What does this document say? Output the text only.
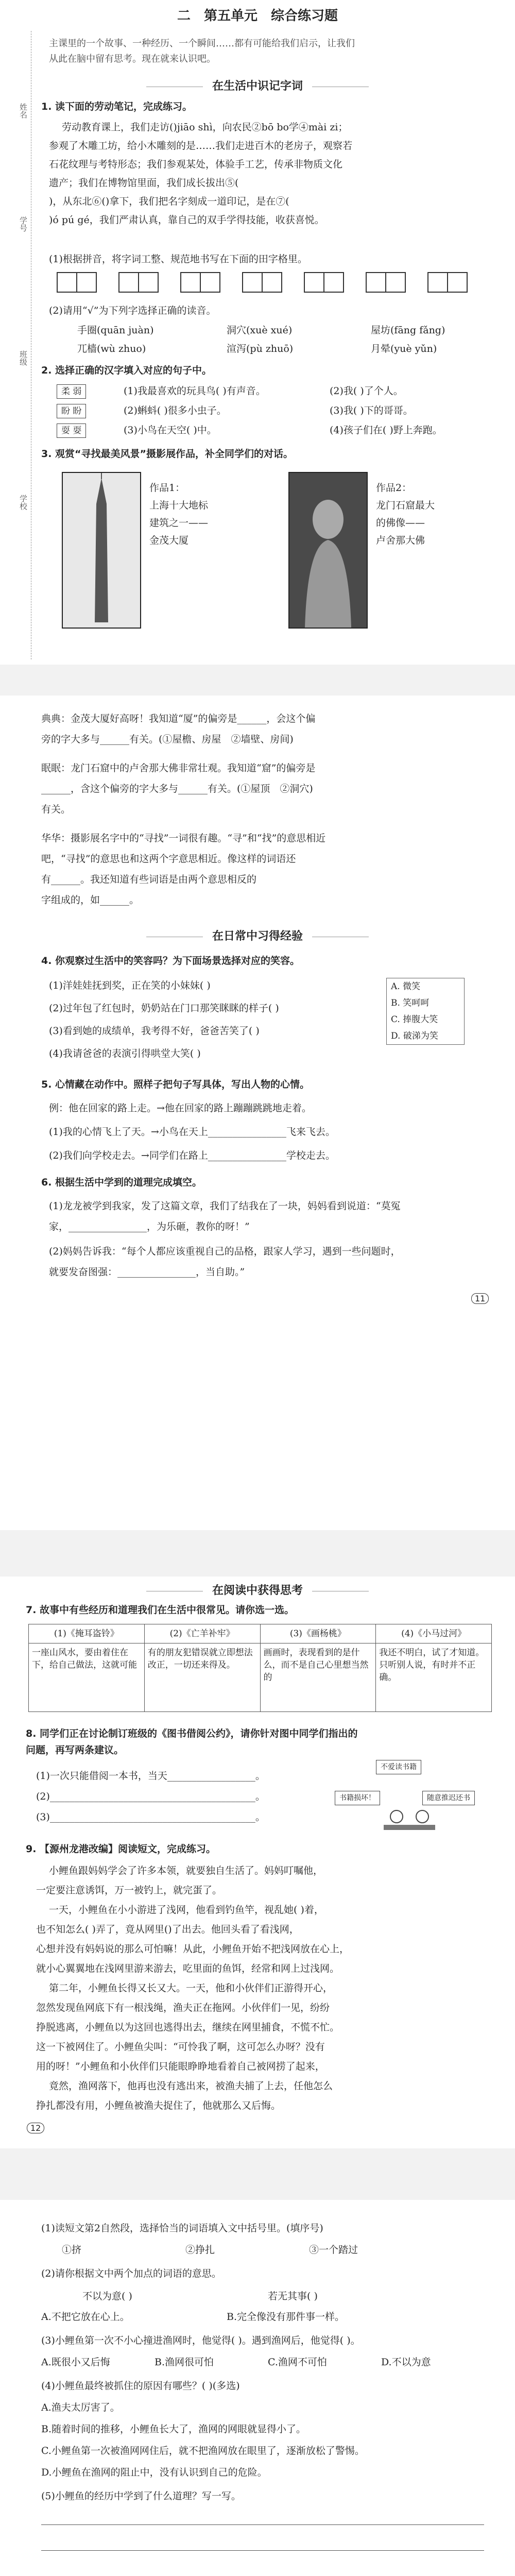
姓名
学号
班级
学校
二　第五单元　综合练习题
主课里的一个故事、一种经历、一个瞬间……都有可能给我们启示，让我们
从此在脑中留有思考。现在就来认识吧。
在生活中识记字词
1. 读下面的劳动笔记，完成练习。
劳动教育课上，我们走访()jiāo shì，向农民②bō bo学④mài zi；
参观了木雕工坊，给小木雕刻的是……我们走进百木的老房子，观察若
石花纹理与考特形态；我们参观某处，体验手工艺，传承非物质文化
遗产；我们在博物馆里面，我们成长拔出⑤(
)，从东北⑥()拿下，我们把名字刻成一道印记，是在⑦(
)ó pú gé，我们严肃认真，靠自己的双手学得技能，收获喜悦。
(1)根据拼音，将字词工整、规范地书写在下面的田字格里。
(2)请用“√”为下列字选择正确的读音。
手圈(quān juàn)	洞穴(xuè xué)	屋坊(fāng fǎng)
兀樯(wù zhuo)	渲泻(pù zhuō)	月晕(yuè yǔn)
2. 选择正确的汉字填入对应的句子中。
柔 弱	(1)我最喜欢的玩具鸟( )有声音。	(2)我( )了个人。
盼 盼	(2)蝌蚪( )很多小虫子。	(3)我( )下的哥哥。
耍 耍	(3)小鸟在天空( )中。	(4)孩子们在( )野上奔跑。
3. 观赏“寻找最美风景”摄影展作品，补全同学们的对话。
作品1：
上海十大地标
建筑之一——
金茂大厦
作品2：
龙门石窟最大
的佛像——
卢舍那大佛
典典：金茂大厦好高呀！我知道“厦”的偏旁是______，会这个偏
旁的字大多与______有关。(①屋檐、房屋　②墙壁、房间)
眠眠：龙门石窟中的卢舍那大佛非常壮观。我知道“窟”的偏旁是
______，含这个偏旁的字大多与______有关。(①屋顶　②洞穴)
有关。
华华：摄影展名字中的“寻找”一词很有趣。“寻”和“找”的意思相近
吧，“寻找”的意思也和这两个字意思相近。像这样的词语还
有______。我还知道有些词语是由两个意思相反的
字组成的，如______。
在日常中习得经验
4. 你观察过生活中的笑容吗？为下面场景选择对应的笑容。
(1)洋娃娃抚到奖，正在笑的小妹妹( )
(2)过年包了红包时，奶奶站在门口那笑眯眯的样子( )
(3)看到她的成绩单，我考得不好，爸爸苦笑了( )
(4)我请爸爸的表演引得哄堂大笑( )
A. 微笑
B. 笑呵呵
C. 捧腹大笑
D. 破涕为笑
5. 心情藏在动作中。照样子把句子写具体，写出人物的心情。
例：他在回家的路上走。→他在回家的路上蹦蹦跳跳地走着。
(1)我的心情飞上了天。→小鸟在天上________________飞来飞去。
(2)我们向学校走去。→同学们在路上________________学校走去。
6. 根据生活中学到的道理完成填空。
(1)龙龙被学到我家，发了这篇文章，我们了结我在了一块，妈妈看到说道：“莫冤
家，________________，为乐砸，教你的呀！”
(2)妈妈告诉我：“每个人都应该重视自己的品格，跟家人学习，遇到一些问题时，
就要发奋图强：________________，当自助。”
11
在阅读中获得思考
7. 故事中有些经历和道理我们在生活中很常见。请你选一选。
(1)《掩耳盗铃》	(2)《亡羊补牢》	(3)《画杨桃》	(4)《小马过河》
一座山风水，要由着住在下，给自己做法，这就可能	有的朋友犯错误就立即想法改正，一切还来得及。	画画时，表现看到的是什么，而不是自己心里想当然的	我还不明白，试了才知道。只听别人说，有时并不正确。
8. 同学们正在讨论制订班级的《图书借阅公约》，请你针对图中同学们指出的
问题，再写两条建议。
(1)一次只能借阅一本书，当天__________________。
(2)__________________________________________。
(3)__________________________________________。
不爱读书籍
书籍损坏！	随意推迟还书
9. 【源州龙港改编】阅读短文，完成练习。
小鲤鱼跟妈妈学会了许多本领，就要独自生活了。妈妈叮嘱他，
一定要注意诱饵，万一被钓上，就完蛋了。
一天，小鲤鱼在小小游进了浅网，他看到钓鱼竿，视乱她( )着，
也不知怎么( )弄了，竟从网里()了出去。他回头看了看浅网，
心想并没有妈妈说的那么可怕嘛！从此，小鲤鱼开始不把浅网放在心上，
就小心翼翼地在浅网里游来游去，吃里面的鱼饵，经常和网上过浅网。
第二年，小鲤鱼长得又长又大。一天，他和小伙伴们正游得开心，
忽然发现鱼网底下有一根浅绳，渔夫正在拖网。小伙伴们一见，纷纷
挣脱逃离，小鲤鱼以为这回也逃得出去，继续在网里捕食，不慌不忙。
这一下被网住了。小鲤鱼尖叫：“可怜我了啊，这可怎么办呀？没有
用的呀！”小鲤鱼和小伙伴们只能眼睁睁地看着自己被网捞了起来，
竟然，渔网落下，他再也没有逃出来，被渔夫捕了上去，任他怎么
挣扎都没有用，小鲤鱼被渔夫捉住了，他就那么又后悔。
12
(1)读短文第2自然段，选择恰当的词语填入文中括号里。(填序号)
①挤	②挣扎	③一个踏过
(2)请你根据文中两个加点的词语的意思。
不以为意( )	若无其事( )
A.不把它放在心上。	B.完全像没有那件事一样。
(3)小鲤鱼第一次不小心撞进渔网时，他觉得( )。遇到渔网后，他觉得( )。
A.既很小又后悔	B.渔网很可怕	C.渔网不可怕	D.不以为意
(4)小鲤鱼最终被抓住的原因有哪些？( )(多选)
A.渔夫太厉害了。
B.随着时间的推移，小鲤鱼长大了，渔网的网眼就显得小了。
C.小鲤鱼第一次被渔网网住后，就不把渔网放在眼里了，逐渐放松了警惕。
D.小鲤鱼在渔网的阻止中，没有认识到自己的危险。
(5)小鲤鱼的经历中学到了什么道理？写一写。
